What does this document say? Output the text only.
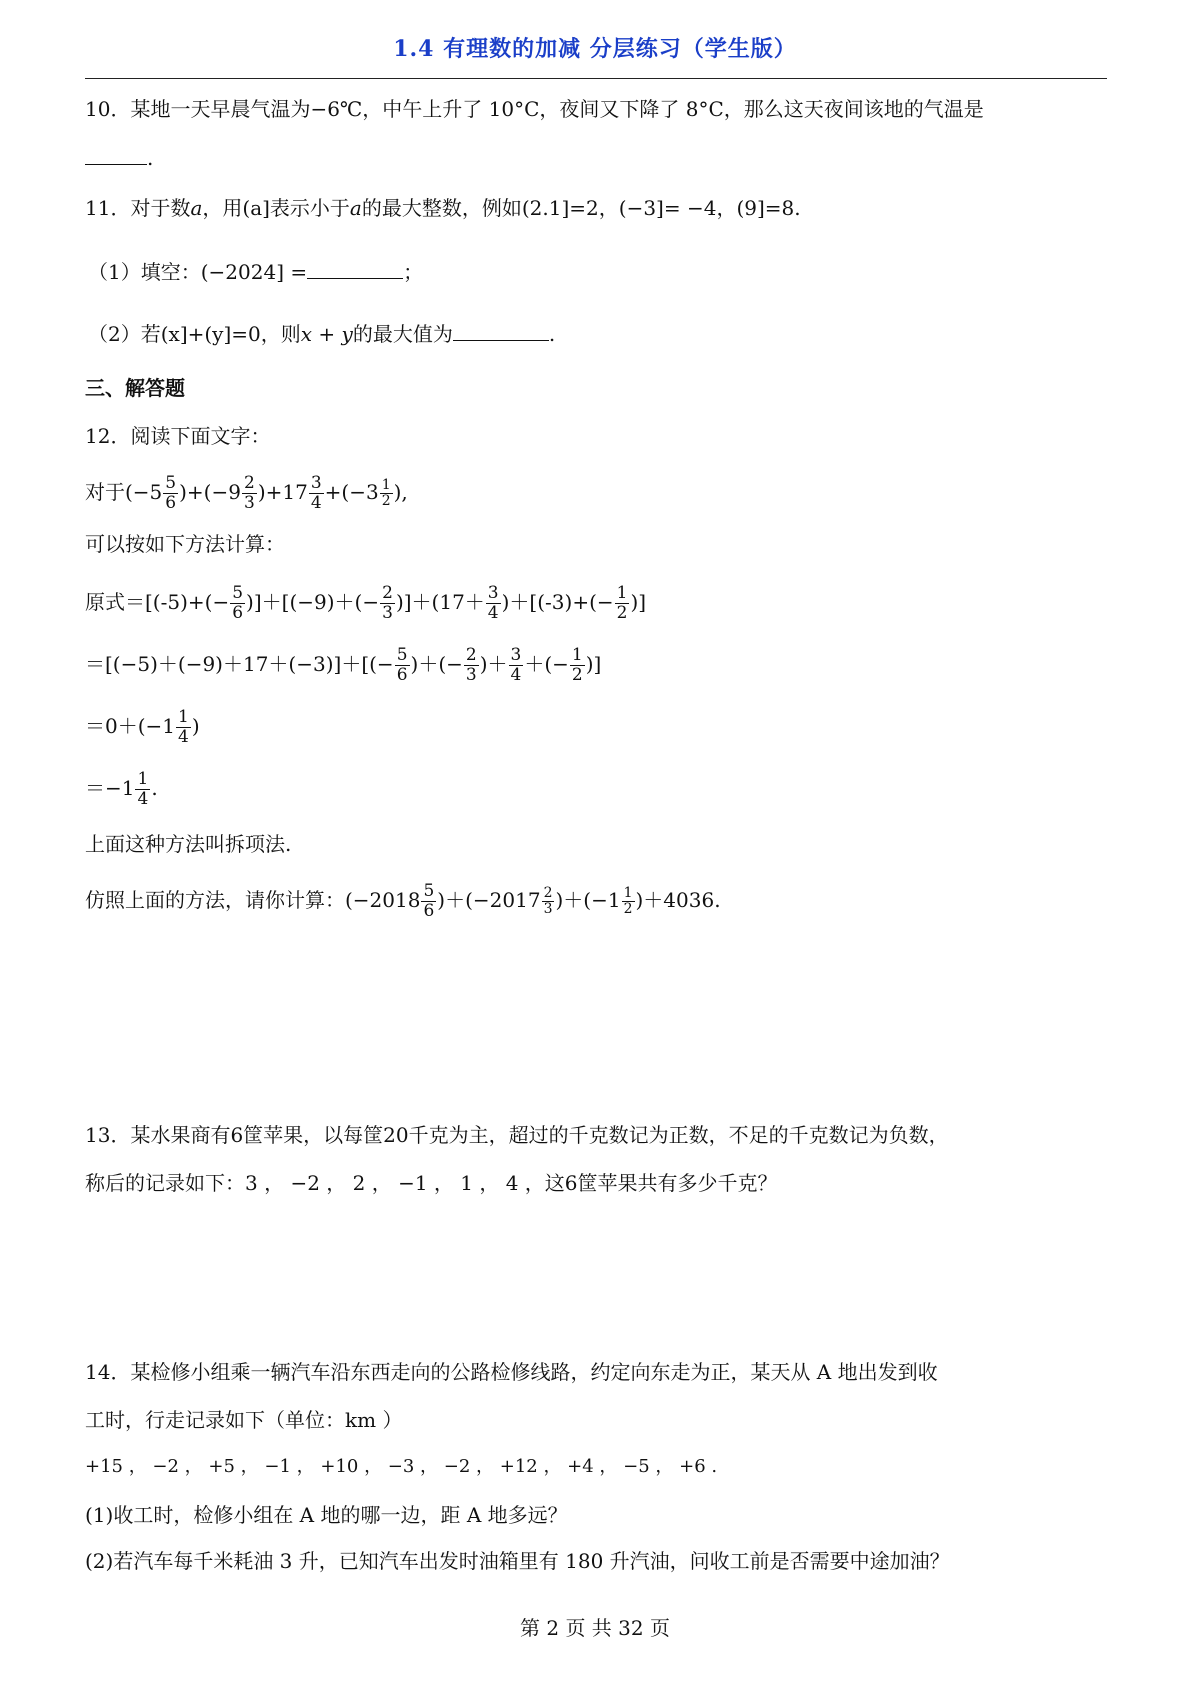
1.4 有理数的加减 分层练习（学生版）
10．某地一天早晨气温为−6℃，中午上升了 10°C，夜间又下降了 8°C，那么这天夜间该地的气温是
.
11．对于数a，用(a]表示小于a的最大整数，例如(2.1]=2，(−3]= −4，(9]=8.
（1）填空：(−2024] =	；
（2）若(x]+(y]=0，则x + y的最大值为	.
三、解答题
12．阅读下面文字：
对于$(-5 \frac{5}{6} )+(-9 \frac{2}{3} )+17 \frac{3}{4} +(-3 \frac{1}{2}$ ),
可以按如下方法计算：
原式$=[(-5)+(- \frac{5}{6} )]+[(-9)+(- \frac{2}{3} )]+(17+ \frac{3}{4} )+[(-3)+(- \frac{1}{2}$ )]
$=[(-5)+(-9)+17+(-3)]+[(- \frac{5}{6}$ )＋(− $\frac{2}{3}$ )＋ $\frac{3}{4}$ ＋(− $\frac{1}{2}$ )]
$=0+(-1 \frac{1}{4}$ )
$=-1 \frac{1}{4}$ .
上面这种方法叫拆项法.
仿照上面的方法，请你计算：$(-2018 \frac{5}{6} )+(-2017 \frac{2}{3} )+(-1 \frac{1}{2} )+4036$.
13．某水果商有6筐苹果，以每筐20千克为主，超过的千克数记为正数，不足的千克数记为负数，
称后的记录如下：3 ， −2 ， 2 ， −1 ， 1 ， 4 ，这6筐苹果共有多少千克？
14．某检修小组乘一辆汽车沿东西走向的公路检修线路，约定向东走为正，某天从 A 地出发到收
工时，行走记录如下（单位：km ）
+15 ， −2 ， +5 ， −1 ， +10 ， −3 ， −2 ， +12 ， +4 ， −5 ， +6 .
(1)收工时，检修小组在 A 地的哪一边，距 A 地多远？
(2)若汽车每千米耗油 3 升，已知汽车出发时油箱里有 180 升汽油，问收工前是否需要中途加油？
第 2 页 共 32 页
